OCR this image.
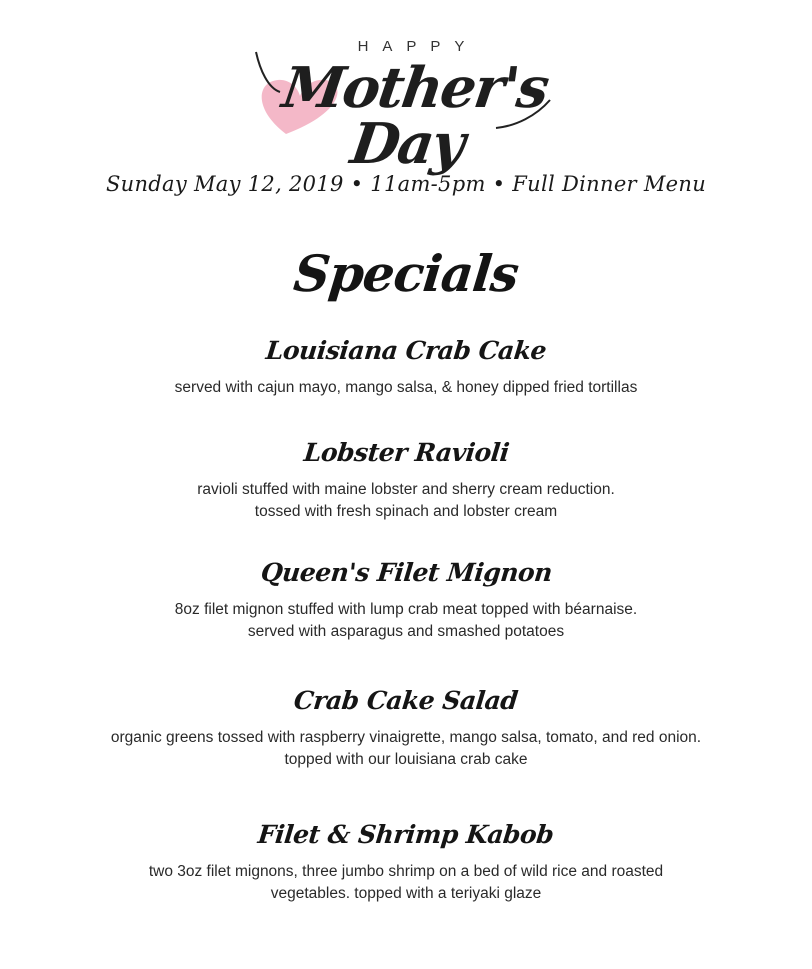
HAPPY
Mother's Day
Sunday May 12, 2019 • 11am-5pm • Full Dinner Menu
Specials
Louisiana Crab Cake
served with cajun mayo, mango salsa, & honey dipped fried tortillas
Lobster Ravioli
ravioli stuffed with maine lobster and sherry cream reduction.
tossed with fresh spinach and lobster cream
Queen's Filet Mignon
8oz filet mignon stuffed with lump crab meat topped with béarnaise.
served with asparagus and smashed potatoes
Crab Cake Salad
organic greens tossed with raspberry vinaigrette, mango salsa, tomato, and red onion.
topped with our louisiana crab cake
Filet & Shrimp Kabob
two 3oz filet mignons, three jumbo shrimp on a bed of wild rice and roasted
vegetables. topped with a teriyaki glaze
